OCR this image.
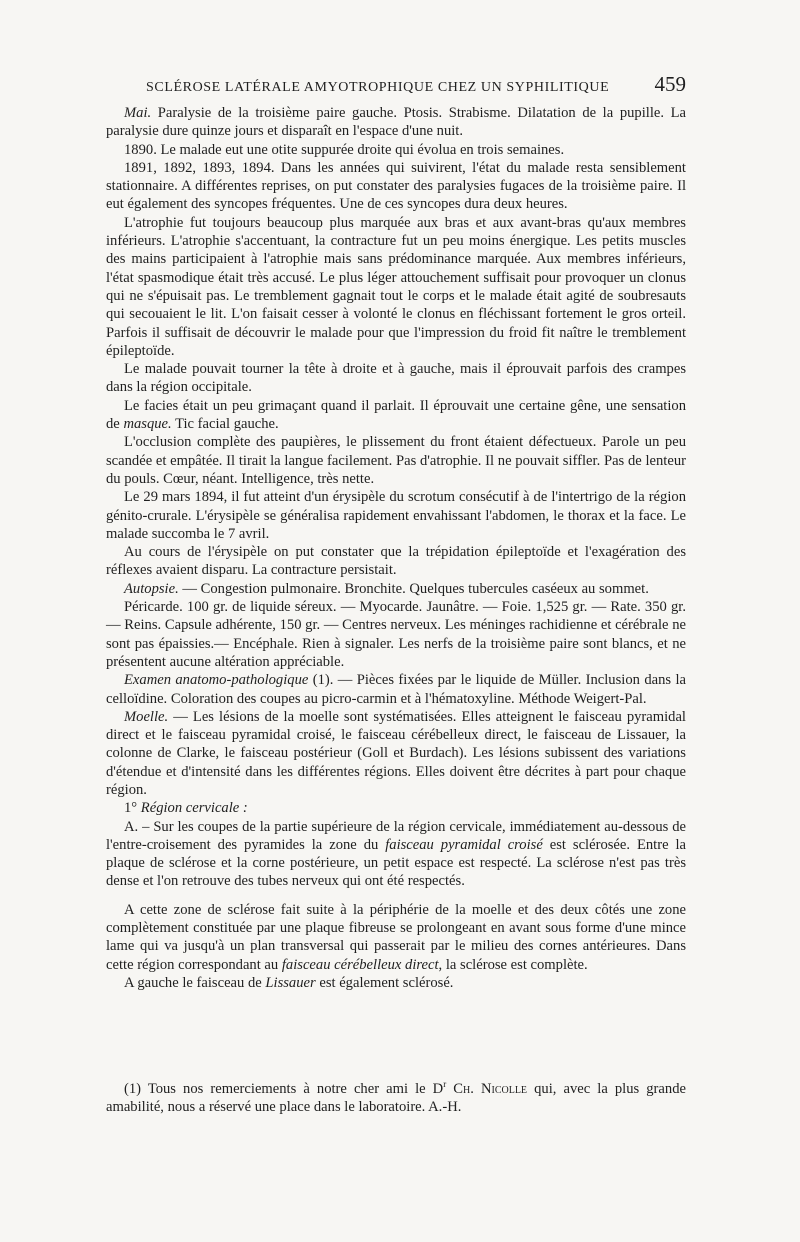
SCLÉROSE LATÉRALE AMYOTROPHIQUE CHEZ UN SYPHILITIQUE 459

Mai. Paralysie de la troisième paire gauche. Ptosis. Strabisme. Dilatation de la pupille. La paralysie dure quinze jours et disparaît en l'espace d'une nuit.

1890. Le malade eut une otite suppurée droite qui évolua en trois semaines.

1891, 1892, 1893, 1894. Dans les années qui suivirent, l'état du malade resta sensiblement stationnaire. A différentes reprises, on put constater des paralysies fugaces de la troisième paire. Il eut également des syncopes fréquentes. Une de ces syncopes dura deux heures.

L'atrophie fut toujours beaucoup plus marquée aux bras et aux avant-bras qu'aux membres inférieurs. L'atrophie s'accentuant, la contracture fut un peu moins énergique. Les petits muscles des mains participaient à l'atrophie mais sans prédominance marquée. Aux membres inférieurs, l'état spasmodique était très accusé. Le plus léger attouchement suffisait pour provoquer un clonus qui ne s'épuisait pas. Le tremblement gagnait tout le corps et le malade était agité de soubresauts qui secouaient le lit. L'on faisait cesser à volonté le clonus en fléchissant fortement le gros orteil. Parfois il suffisait de découvrir le malade pour que l'impression du froid fit naître le tremblement épileptoïde.

Le malade pouvait tourner la tête à droite et à gauche, mais il éprouvait parfois des crampes dans la région occipitale.

Le facies était un peu grimaçant quand il parlait. Il éprouvait une certaine gêne, une sensation de masque. Tic facial gauche.

L'occlusion complète des paupières, le plissement du front étaient défectueux. Parole un peu scandée et empâtée. Il tirait la langue facilement. Pas d'atrophie. Il ne pouvait siffler. Pas de lenteur du pouls. Cœur, néant. Intelligence, très nette.

Le 29 mars 1894, il fut atteint d'un érysipèle du scrotum consécutif à de l'intertrigo de la région génito-crurale. L'érysipèle se généralisa rapidement envahissant l'abdomen, le thorax et la face. Le malade succomba le 7 avril.

Au cours de l'érysipèle on put constater que la trépidation épileptoïde et l'exagération des réflexes avaient disparu. La contracture persistait.

Autopsie. — Congestion pulmonaire. Bronchite. Quelques tubercules caséeux au sommet.

Péricarde. 100 gr. de liquide séreux. — Myocarde. Jaunâtre. — Foie. 1,525 gr. — Rate. 350 gr. — Reins. Capsule adhérente, 150 gr. — Centres nerveux. Les méninges rachidienne et cérébrale ne sont pas épaissies.— Encéphale. Rien à signaler. Les nerfs de la troisième paire sont blancs, et ne présentent aucune altération appréciable.

Examen anatomo-pathologique (1). — Pièces fixées par le liquide de Müller. Inclusion dans la celloïdine. Coloration des coupes au picro-carmin et à l'hématoxyline. Méthode Weigert-Pal.

Moelle. — Les lésions de la moelle sont systématisées. Elles atteignent le faisceau pyramidal direct et le faisceau pyramidal croisé, le faisceau cérébelleux direct, le faisceau de Lissauer, la colonne de Clarke, le faisceau postérieur (Goll et Burdach). Les lésions subissent des variations d'étendue et d'intensité dans les différentes régions. Elles doivent être décrites à part pour chaque région.

1° Région cervicale :

A. – Sur les coupes de la partie supérieure de la région cervicale, immédiatement au-dessous de l'entre-croisement des pyramides la zone du faisceau pyramidal croisé est sclérosée. Entre la plaque de sclérose et la corne postérieure, un petit espace est respecté. La sclérose n'est pas très dense et l'on retrouve des tubes nerveux qui ont été respectés.

A cette zone de sclérose fait suite à la périphérie de la moelle et des deux côtés une zone complètement constituée par une plaque fibreuse se prolongeant en avant sous forme d'une mince lame qui va jusqu'à un plan transversal qui passerait par le milieu des cornes antérieures. Dans cette région correspondant au faisceau cérébelleux direct, la sclérose est complète.

A gauche le faisceau de Lissauer est également sclérosé.

(1) Tous nos remerciements à notre cher ami le $D^r$ Ch. Nicolle qui, avec la plus grande amabilité, nous a réservé une place dans le laboratoire. A.-H.
